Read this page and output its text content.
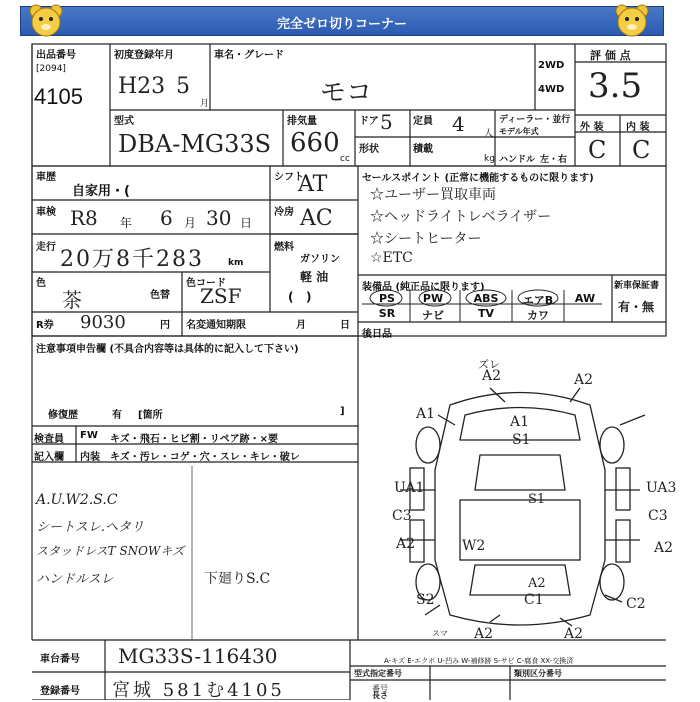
完全ゼロ切りコーナー
出品番号
[2094]
4105
初度登録年月
H23 5
月
車名・グレード
モコ
2WD
4WD
評 価 点
3.5
外 装 内 装
C C
型式
DBA-MG33S
排気量
660
cc
ドア 5 定員 4 人
ディーラー・並行
モデル年式
形状	積載
kg ハンドル 左・右
車歴
自家用・(
シフト
AT
車検 R8 年 6 月 30 日
冷房 AC
走行 20万8千283	km
燃料
ガソリン
軽 油
(   )
色
茶	色替
色コード
ZSF
R券 9030	円 名変通知期限	月	日
注意事項申告欄 (不具合内容等は具体的に記入して下さい)
修復歴	有 [箇所	]
検査員 FW キズ・飛石・ヒビ割・リペア跡・×要
記入欄 内装 キズ・汚レ・コゲ・穴・スレ・キレ・破レ
セールスポイント (正常に機能するものに限ります)
☆ユーザー買取車両
☆ヘッドライトレベライザー
☆シートヒーター
☆ETC
装備品 (純正品に限ります)
PS	PW	ABS	エアB	AW
SR	ナビ	TV	カワ
新車保証書
有・無
後日品
A.U.W2.S.C
シートスレ.ヘタリ
スタッドレスT SNOWキズ
ハンドルスレ	下廻りS.C
ズレ
A2	A2
A1	A1
S1
UA1	UA3
C3	C3
S1
A2	W2	A2
A2
C1
S2	C2
A2	A2
スマ
A-キズ E-エクボ U-凹み W-補修跡 S-サビ C-腐食 XX-交換済
車台番号 MG33S-116430
登録番号 宮城 581む4105
型式指定番号
番号
長さ
類別区分番号
